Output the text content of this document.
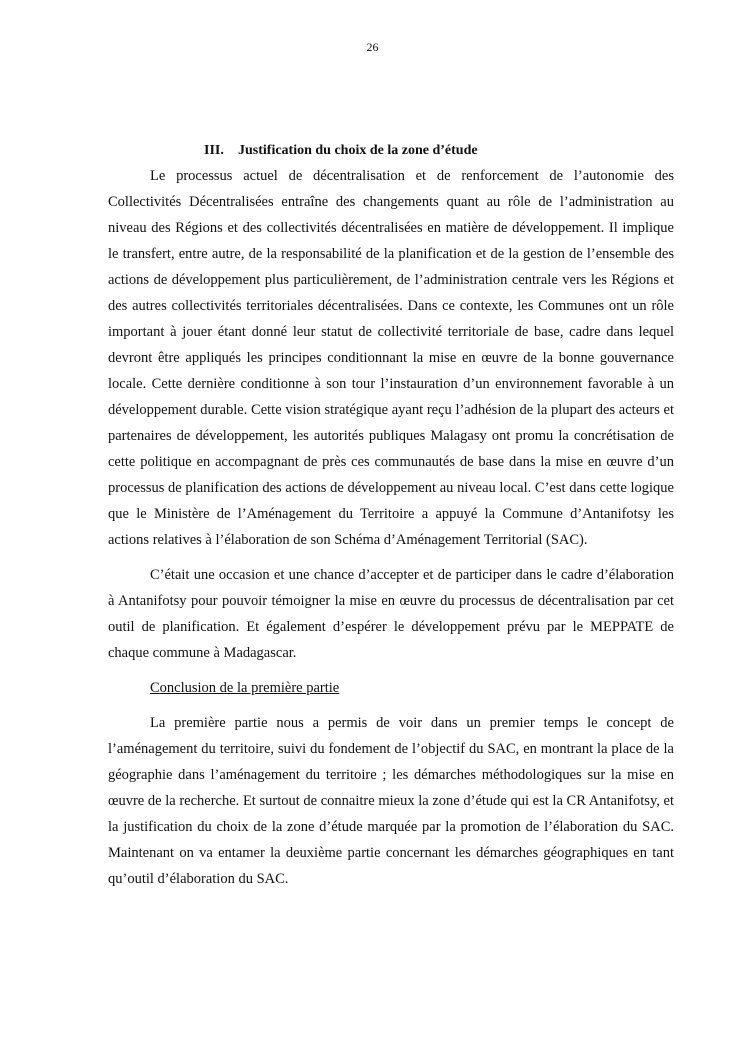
26
III. Justification du choix de la zone d’étude

Le processus actuel de décentralisation et de renforcement de l’autonomie des Collectivités Décentralisées entraîne des changements quant au rôle de l’administration au niveau des Régions et des collectivités décentralisées en matière de développement. Il implique le transfert, entre autre, de la responsabilité de la planification et de la gestion de l’ensemble des actions de développement plus particulièrement, de l’administration centrale vers les Régions et des autres collectivités territoriales décentralisées. Dans ce contexte, les Communes ont un rôle important à jouer étant donné leur statut de collectivité territoriale de base, cadre dans lequel devront être appliqués les principes conditionnant la mise en œuvre de la bonne gouvernance locale. Cette dernière conditionne à son tour l’instauration d’un environnement favorable à un développement durable. Cette vision stratégique ayant reçu l’adhésion de la plupart des acteurs et partenaires de développement, les autorités publiques Malagasy ont promu la concrétisation de cette politique en accompagnant de près ces communautés de base dans la mise en œuvre d’un processus de planification des actions de développement au niveau local. C’est dans cette logique que le Ministère de l’Aménagement du Territoire a appuyé la Commune d’Antanifotsy les actions relatives à l’élaboration de son Schéma d’Aménagement Territorial (SAC).

C’était une occasion et une chance d’accepter et de participer dans le cadre d’élaboration à Antanifotsy pour pouvoir témoigner la mise en œuvre du processus de décentralisation par cet outil de planification. Et également d’espérer le développement prévu par le MEPPATE de chaque commune à Madagascar.

Conclusion de la première partie

La première partie nous a permis de voir dans un premier temps le concept de l’aménagement du territoire, suivi du fondement de l’objectif du SAC, en montrant la place de la géographie dans l’aménagement du territoire ; les démarches méthodologiques sur la mise en œuvre de la recherche. Et surtout de connaitre mieux la zone d’étude qui est la CR Antanifotsy, et la justification du choix de la zone d’étude marquée par la promotion de l’élaboration du SAC. Maintenant on va entamer la deuxième partie concernant les démarches géographiques en tant qu’outil d’élaboration du SAC.
